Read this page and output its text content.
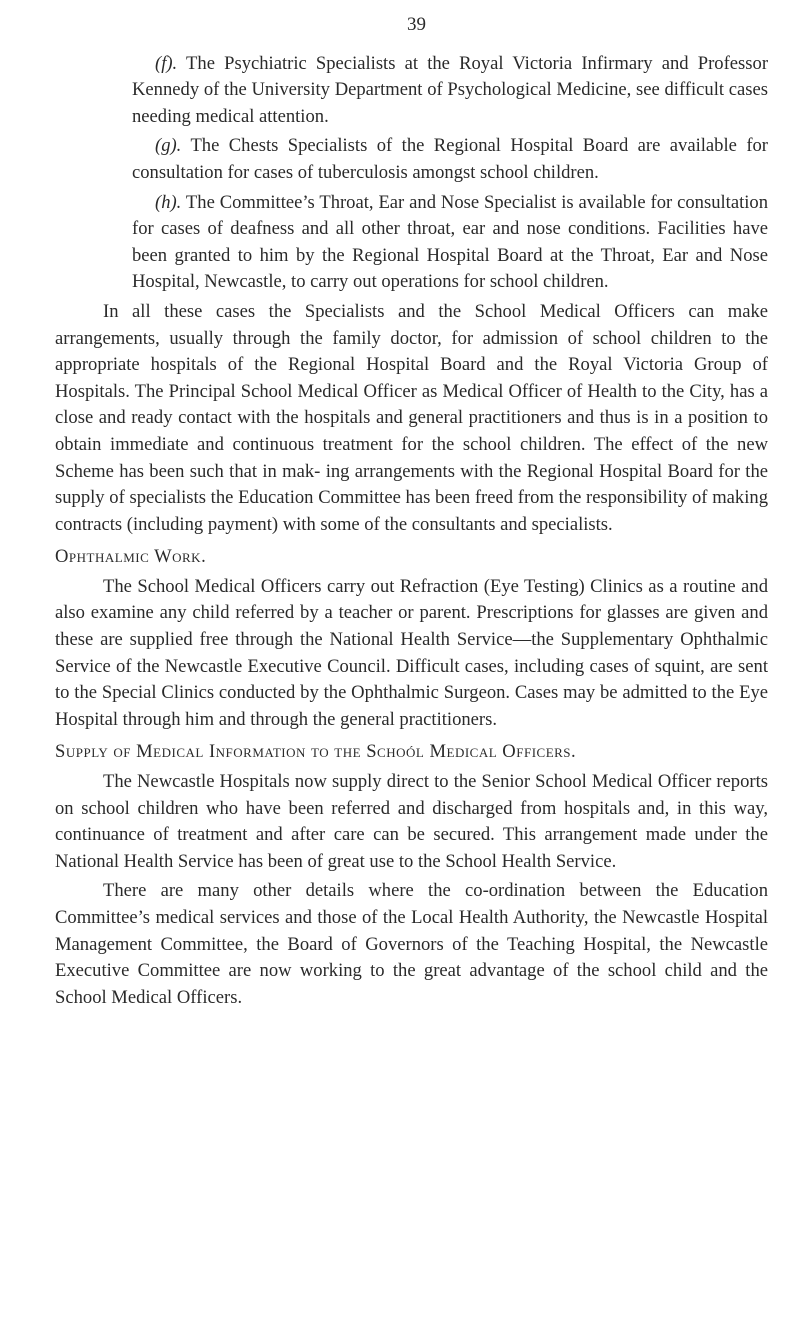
39

(f). The Psychiatric Specialists at the Royal Victoria Infirmary and Professor Kennedy of the University Department of Psychological Medicine, see difficult cases needing medical attention.

(g). The Chests Specialists of the Regional Hospital Board are available for consultation for cases of tuberculosis amongst school children.

(h). The Committee’s Throat, Ear and Nose Specialist is available for consultation for cases of deafness and all other throat, ear and nose conditions. Facilities have been granted to him by the Regional Hospital Board at the Throat, Ear and Nose Hospital, Newcastle, to carry out operations for school children.

In all these cases the Specialists and the School Medical Officers can make arrangements, usually through the family doctor, for admission of school children to the appropriate hospitals of the Regional Hospital Board and the Royal Victoria Group of Hospitals. The Principal School Medical Officer as Medical Officer of Health to the City, has a close and ready contact with the hospitals and general practitioners and thus is in a position to obtain immediate and continuous treatment for the school children. The effect of the new Scheme has been such that in mak- ing arrangements with the Regional Hospital Board for the supply of specialists the Education Committee has been freed from the responsibility of making contracts (including payment) with some of the consultants and specialists.

Ophthalmic Work.

The School Medical Officers carry out Refraction (Eye Testing) Clinics as a routine and also examine any child referred by a teacher or parent. Prescriptions for glasses are given and these are supplied free through the National Health Service—the Supplementary Ophthalmic Service of the Newcastle Executive Council. Difficult cases, including cases of squint, are sent to the Special Clinics conducted by the Ophthalmic Surgeon. Cases may be admitted to the Eye Hospital through him and through the general practitioners.

Supply of Medical Information to the Schoól Medical Officers.

The Newcastle Hospitals now supply direct to the Senior School Medical Officer reports on school children who have been referred and discharged from hospitals and, in this way, continuance of treatment and after care can be secured. This arrangement made under the National Health Service has been of great use to the School Health Service.

There are many other details where the co-ordination between the Education Committee’s medical services and those of the Local Health Authority, the Newcastle Hospital Management Committee, the Board of Governors of the Teaching Hospital, the Newcastle Executive Committee are now working to the great advantage of the school child and the School Medical Officers.
